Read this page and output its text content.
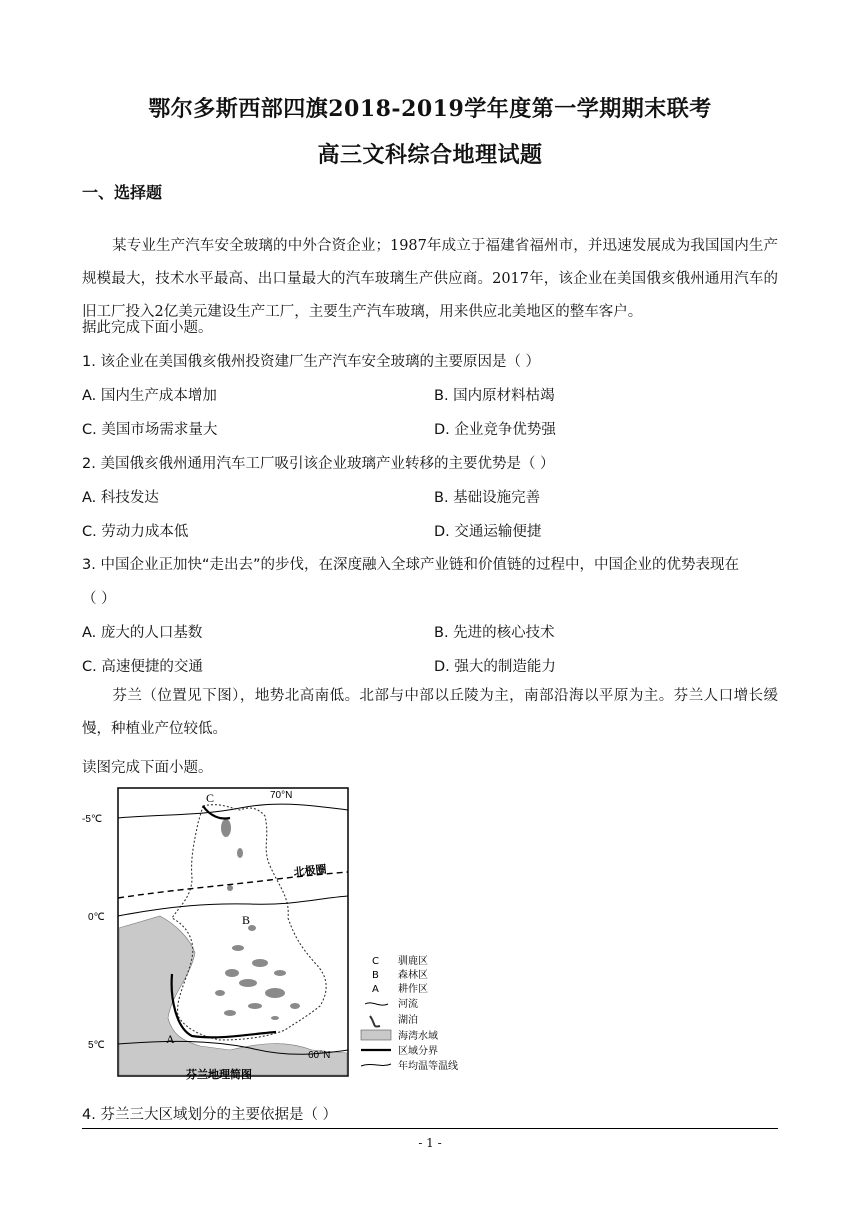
鄂尔多斯西部四旗2018-2019学年度第一学期期末联考
高三文科综合地理试题
一、选择题
某专业生产汽车安全玻璃的中外合资企业；1987年成立于福建省福州市，并迅速发展成为我国国内生产规模最大，技术水平最高、出口量最大的汽车玻璃生产供应商。2017年，该企业在美国俄亥俄州通用汽车的旧工厂投入2亿美元建设生产工厂，主要生产汽车玻璃，用来供应北美地区的整车客户。
据此完成下面小题。
1. 该企业在美国俄亥俄州投资建厂生产汽车安全玻璃的主要原因是（ ）
A. 国内生产成本增加	B. 国内原材料枯竭
C. 美国市场需求量大	D. 企业竞争优势强
2. 美国俄亥俄州通用汽车工厂吸引该企业玻璃产业转移的主要优势是（ ）
A. 科技发达	B. 基础设施完善
C. 劳动力成本低	D. 交通运输便捷
3. 中国企业正加快“走出去”的步伐，在深度融入全球产业链和价值链的过程中，中国企业的优势表现在
（ ）
A. 庞大的人口基数	B. 先进的核心技术
C. 高速便捷的交通	D. 强大的制造能力
芬兰（位置见下图），地势北高南低。北部与中部以丘陵为主，南部沿海以平原为主。芬兰人口增长缓慢，种植业产位较低。
读图完成下面小题。
C
B
A
70°N
60°N
北极圈
-5℃
0℃
5℃
芬兰地理简图
C 驯鹿区
B 森林区
A 耕作区
河流
湖泊
海湾水域
区域分界
年均温等温线
4. 芬兰三大区域划分的主要依据是（ ）
- 1 -
